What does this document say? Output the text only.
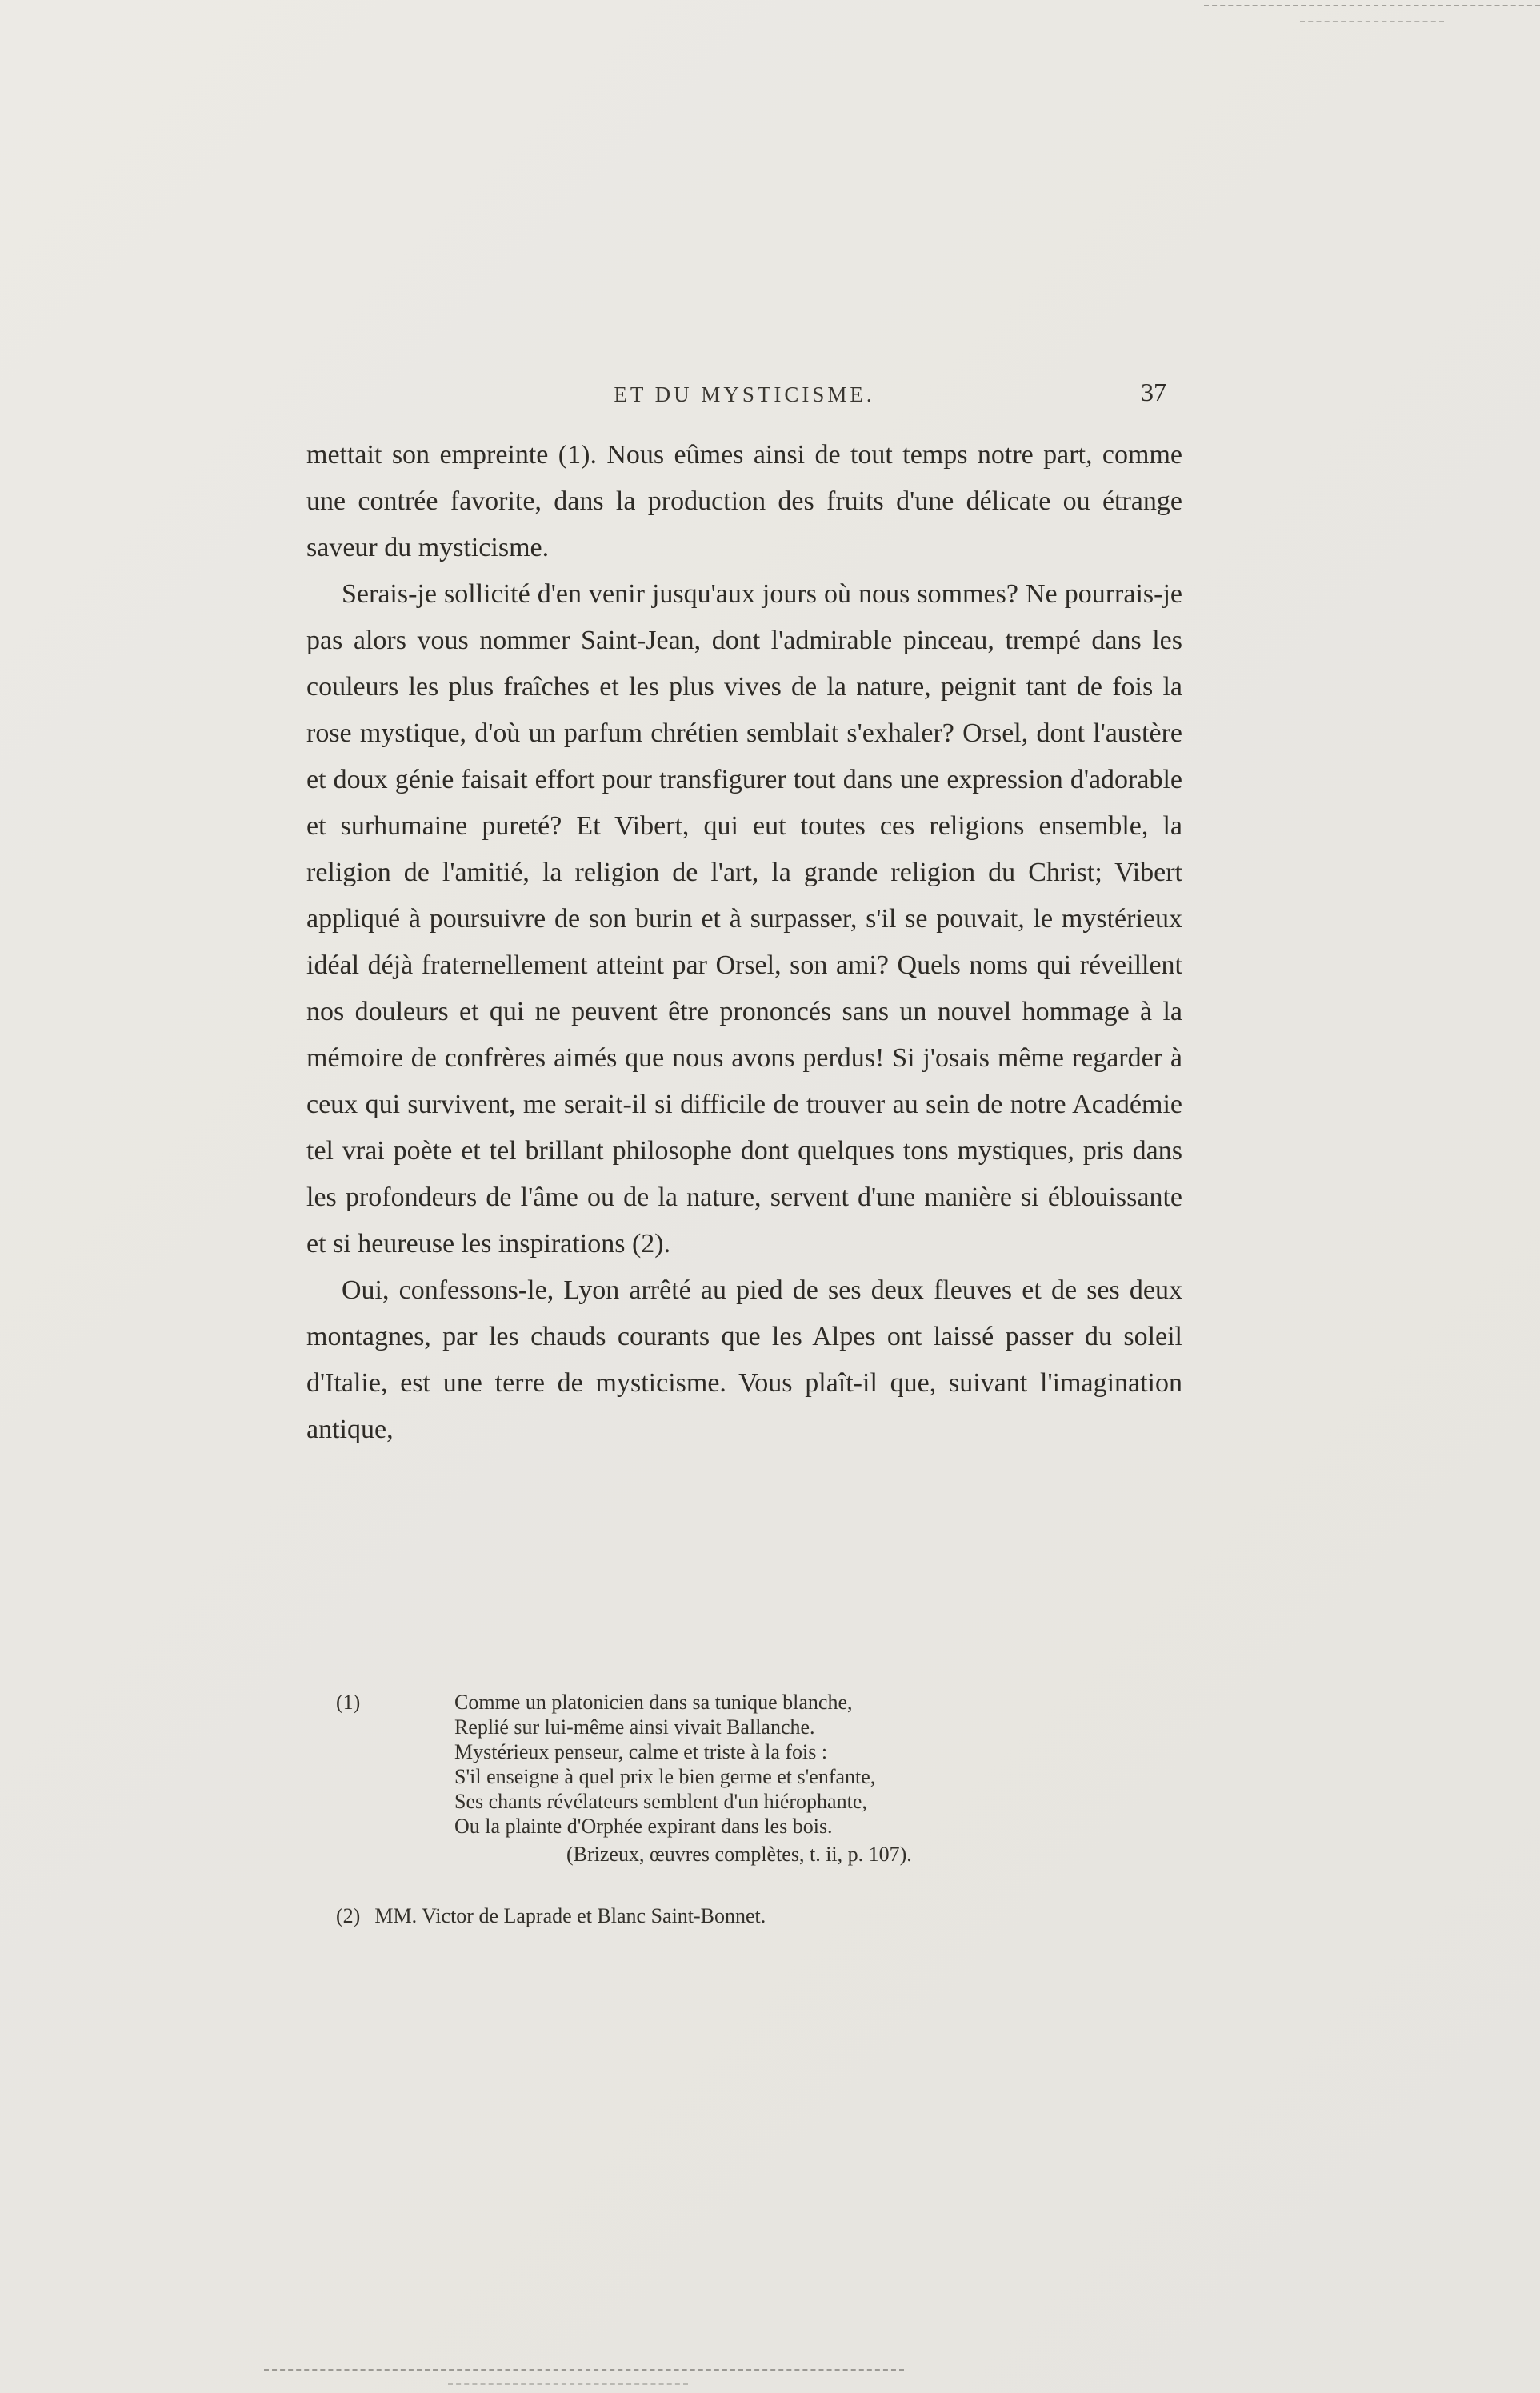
ET DU MYSTICISME.	37

mettait son empreinte (1). Nous eûmes ainsi de tout temps notre part, comme une contrée favorite, dans la production des fruits d'une délicate ou étrange saveur du mysticisme.

Serais-je sollicité d'en venir jusqu'aux jours où nous sommes? Ne pourrais-je pas alors vous nommer Saint-Jean, dont l'admirable pinceau, trempé dans les couleurs les plus fraîches et les plus vives de la nature, peignit tant de fois la rose mystique, d'où un parfum chrétien semblait s'exhaler? Orsel, dont l'austère et doux génie faisait effort pour transfigurer tout dans une expression d'adorable et surhumaine pureté? Et Vibert, qui eut toutes ces religions ensemble, la religion de l'amitié, la religion de l'art, la grande religion du Christ; Vibert appliqué à poursuivre de son burin et à surpasser, s'il se pouvait, le mystérieux idéal déjà fraternellement atteint par Orsel, son ami? Quels noms qui réveillent nos douleurs et qui ne peuvent être prononcés sans un nouvel hommage à la mémoire de confrères aimés que nous avons perdus! Si j'osais même regarder à ceux qui survivent, me serait-il si difficile de trouver au sein de notre Académie tel vrai poète et tel brillant philosophe dont quelques tons mystiques, pris dans les profondeurs de l'âme ou de la nature, servent d'une manière si éblouissante et si heureuse les inspirations (2).

Oui, confessons-le, Lyon arrêté au pied de ses deux fleuves et de ses deux montagnes, par les chauds courants que les Alpes ont laissé passer du soleil d'Italie, est une terre de mysticisme. Vous plaît-il que, suivant l'imagination antique,

(1)	Comme un platonicien dans sa tunique blanche,
Replié sur lui-même ainsi vivait Ballanche.
Mystérieux penseur, calme et triste à la fois :
S'il enseigne à quel prix le bien germe et s'enfante,
Ses chants révélateurs semblent d'un hiérophante,
Ou la plainte d'Orphée expirant dans les bois.
(Brizeux, œuvres complètes, t. ii, p. 107).
(2) MM. Victor de Laprade et Blanc Saint-Bonnet.
